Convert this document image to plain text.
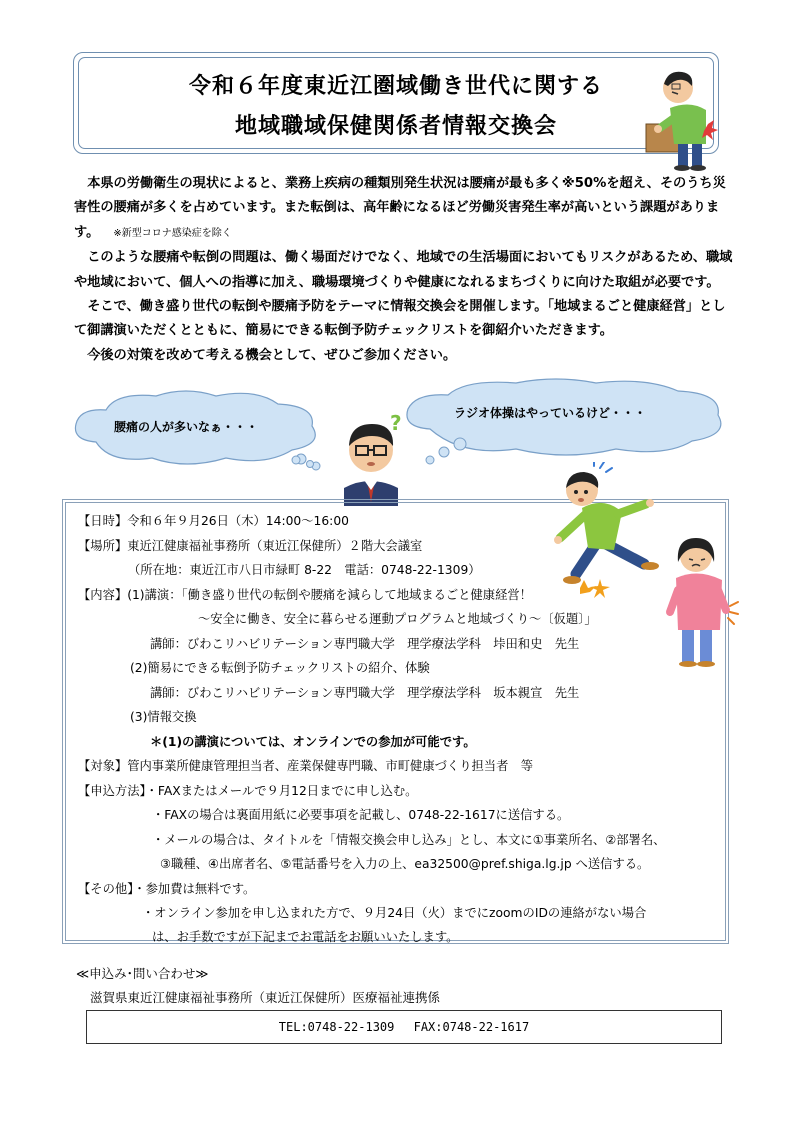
令和６年度東近江圏域働き世代に関する
地域職域保健関係者情報交換会

本県の労働衛生の現状によると、業務上疾病の種類別発生状況は腰痛が最も多く※50%を超え、そのうち災害性の腰痛が多くを占めています。また転倒は、高年齢になるほど労働災害発生率が高いという課題があります。 ※新型コロナ感染症を除く

このような腰痛や転倒の問題は、働く場面だけでなく、地域での生活場面においてもリスクがあるため、職域や地域において、個人への指導に加え、職場環境づくりや健康になれるまちづくりに向けた取組が必要です。

そこで、働き盛り世代の転倒や腰痛予防をテーマに情報交換会を開催します。「地域まるごと健康経営」として御講演いただくとともに、簡易にできる転倒予防チェックリストを御紹介いただきます。

今後の対策を改めて考える機会として、ぜひご参加ください。

腰痛の人が多いなぁ・・・
ラジオ体操はやっているけど・・・
?
【日時】令和６年９月26日（木）14:00～16:00
【場所】東近江健康福祉事務所（東近江保健所）２階大会議室
（所在地：東近江市八日市緑町 8-22　電話：0748-22-1309）
【内容】(1)講演：「働き盛り世代の転倒や腰痛を減らして地域まるごと健康経営！
～安全に働き、安全に暮らせる運動プログラムと地域づくり～〔仮題〕」
講師：びわこリハビリテーション専門職大学　理学療法学科　垰田和史　先生
(2)簡易にできる転倒予防チェックリストの紹介、体験
講師：びわこリハビリテーション専門職大学　理学療法学科　坂本親宣　先生
(3)情報交換
＊(1)の講演については、オンラインでの参加が可能です。
【対象】管内事業所健康管理担当者、産業保健専門職、市町健康づくり担当者　等
【申込方法】・FAXまたはメールで９月12日までに申し込む。
・FAXの場合は裏面用紙に必要事項を記載し、0748-22-1617に送信する。
・メールの場合は、タイトルを「情報交換会申し込み」とし、本文に①事業所名、②部署名、
③職種、④出席者名、⑤電話番号を入力の上、ea32500@pref.shiga.lg.jp へ送信する。
【その他】・参加費は無料です。
・オンライン参加を申し込まれた方で、９月24日（火）までにzoomのIDの連絡がない場合
は、お手数ですが下記までお電話をお願いいたします。
≪申込み･問い合わせ≫
滋賀県東近江健康福祉事務所（東近江保健所）医療福祉連携係
TEL:0748-22-1309　 FAX:0748-22-1617
